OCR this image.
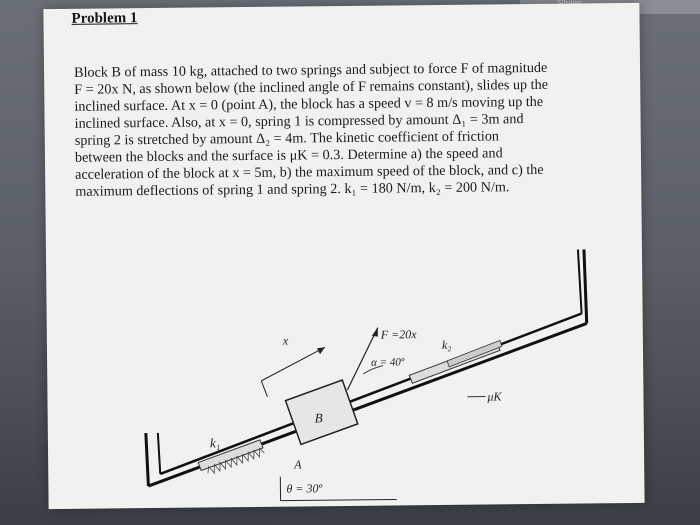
Problem 1
Block B of mass 10 kg, attached to two springs and subject to force F of magnitude
F = 20x N, as shown below (the inclined angle of F remains constant), slides up the
inclined surface. At x = 0 (point A), the block has a speed v = 8 m/s moving up the
inclined surface. Also, at x = 0, spring 1 is compressed by amount Δ₁ = 3m and
spring 2 is stretched by amount Δ₂ = 4m. The kinetic coefficient of friction
between the blocks and the surface is μK = 0.3. Determine a) the speed and
acceleration of the block at x = 5m, b) the maximum speed of the block, and c) the
maximum deflections of spring 1 and spring 2. k₁ = 180 N/m, k₂ = 200 N/m.
k₁
B
x	F =20x
α = 40º
k₂
μK
A
θ = 30º
